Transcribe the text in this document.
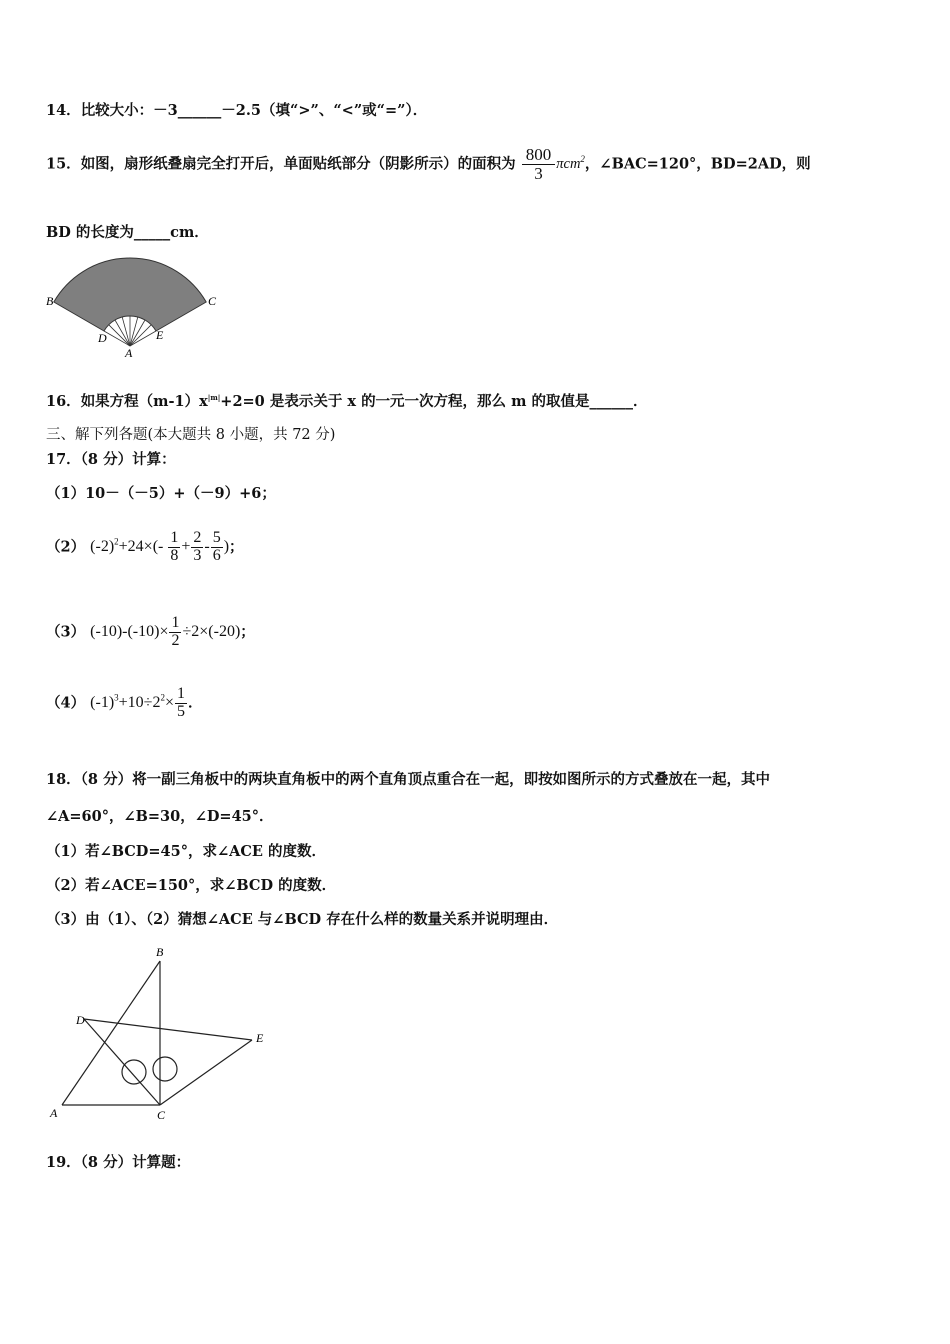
14．比较大小：－3______－2.5（填“>”、“<”或“=”）．
15．如图，扇形纸叠扇完全打开后，单面贴纸部分（阴影所示）的面积为 $\frac{800}{3} \pi cm^2$，∠BAC=120°，BD=2AD，则
BD 的长度为_____cm．
B	C
D	E
A
16．如果方程$(m-1)x^{|m|}+2=0$ 是表示关于 x 的一元一次方程，那么 m 的取值是______．
三、解下列各题(本大题共 8 小题，共 72 分)
17．（8 分）计算：
（1）10－（－5）+（－9）+6；
（2） $(-2)^2+24\times(- \frac{1}{8} + \frac{2}{3} - \frac{5}{6}$ )；
（3） $(-10)-(-10)\times \frac{1}{2} \div 2\times(-20)$；
（4） $(-1)^3+10\div 2^2\times \frac{1}{5}$ ．
18．（8 分）将一副三角板中的两块直角板中的两个直角顶点重合在一起，即按如图所示的方式叠放在一起，其中
∠A=60°，∠B=30，∠D=45°．
（1）若∠BCD=45°，求∠ACE 的度数．
（2）若∠ACE=150°，求∠BCD 的度数．
（3）由（1）、（2）猜想∠ACE 与∠BCD 存在什么样的数量关系并说明理由．
B
D
E
A	C
19．（8 分）计算题：
